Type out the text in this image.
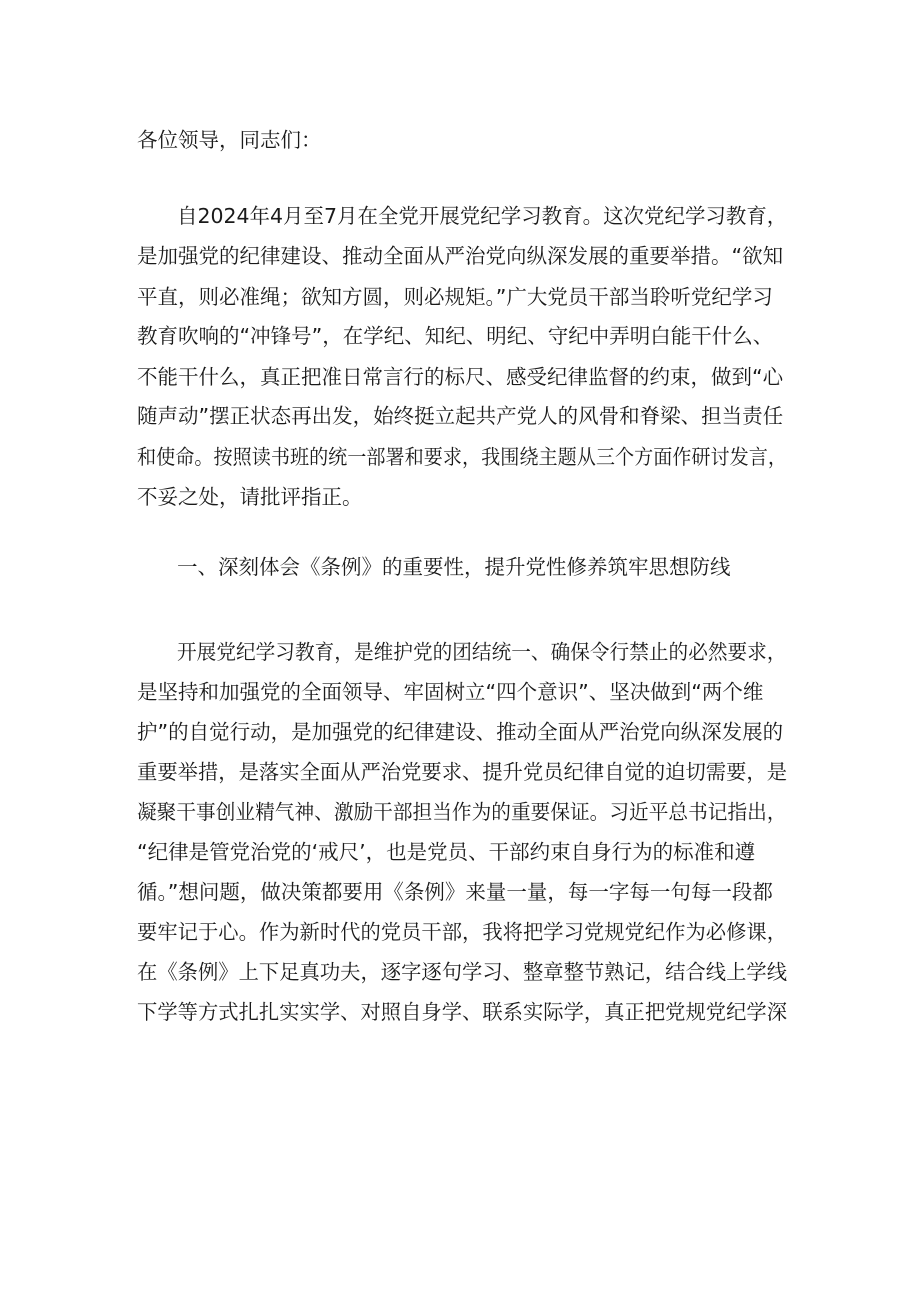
各位领导，同志们：
自2024年4月至7月在全党开展党纪学习教育。这次党纪学习教育，
是加强党的纪律建设、推动全面从严治党向纵深发展的重要举措。“欲知
平直，则必准绳；欲知方圆，则必规矩。”广大党员干部当聆听党纪学习
教育吹响的“冲锋号”，在学纪、知纪、明纪、守纪中弄明白能干什么、
不能干什么，真正把准日常言行的标尺、感受纪律监督的约束，做到“心
随声动”摆正状态再出发，始终挺立起共产党人的风骨和脊梁、担当责任
和使命。按照读书班的统一部署和要求，我围绕主题从三个方面作研讨发言，
不妥之处，请批评指正。
一、深刻体会《条例》的重要性，提升党性修养筑牢思想防线
开展党纪学习教育，是维护党的团结统一、确保令行禁止的必然要求，
是坚持和加强党的全面领导、牢固树立“四个意识”、坚决做到“两个维
护”的自觉行动，是加强党的纪律建设、推动全面从严治党向纵深发展的
重要举措，是落实全面从严治党要求、提升党员纪律自觉的迫切需要，是
凝聚干事创业精气神、激励干部担当作为的重要保证。习近平总书记指出，
“纪律是管党治党的‘戒尺’，也是党员、干部约束自身行为的标准和遵
循。”想问题，做决策都要用《条例》来量一量，每一字每一句每一段都
要牢记于心。作为新时代的党员干部，我将把学习党规党纪作为必修课，
在《条例》上下足真功夫，逐字逐句学习、整章整节熟记，结合线上学线
下学等方式扎扎实实学、对照自身学、联系实际学，真正把党规党纪学深
